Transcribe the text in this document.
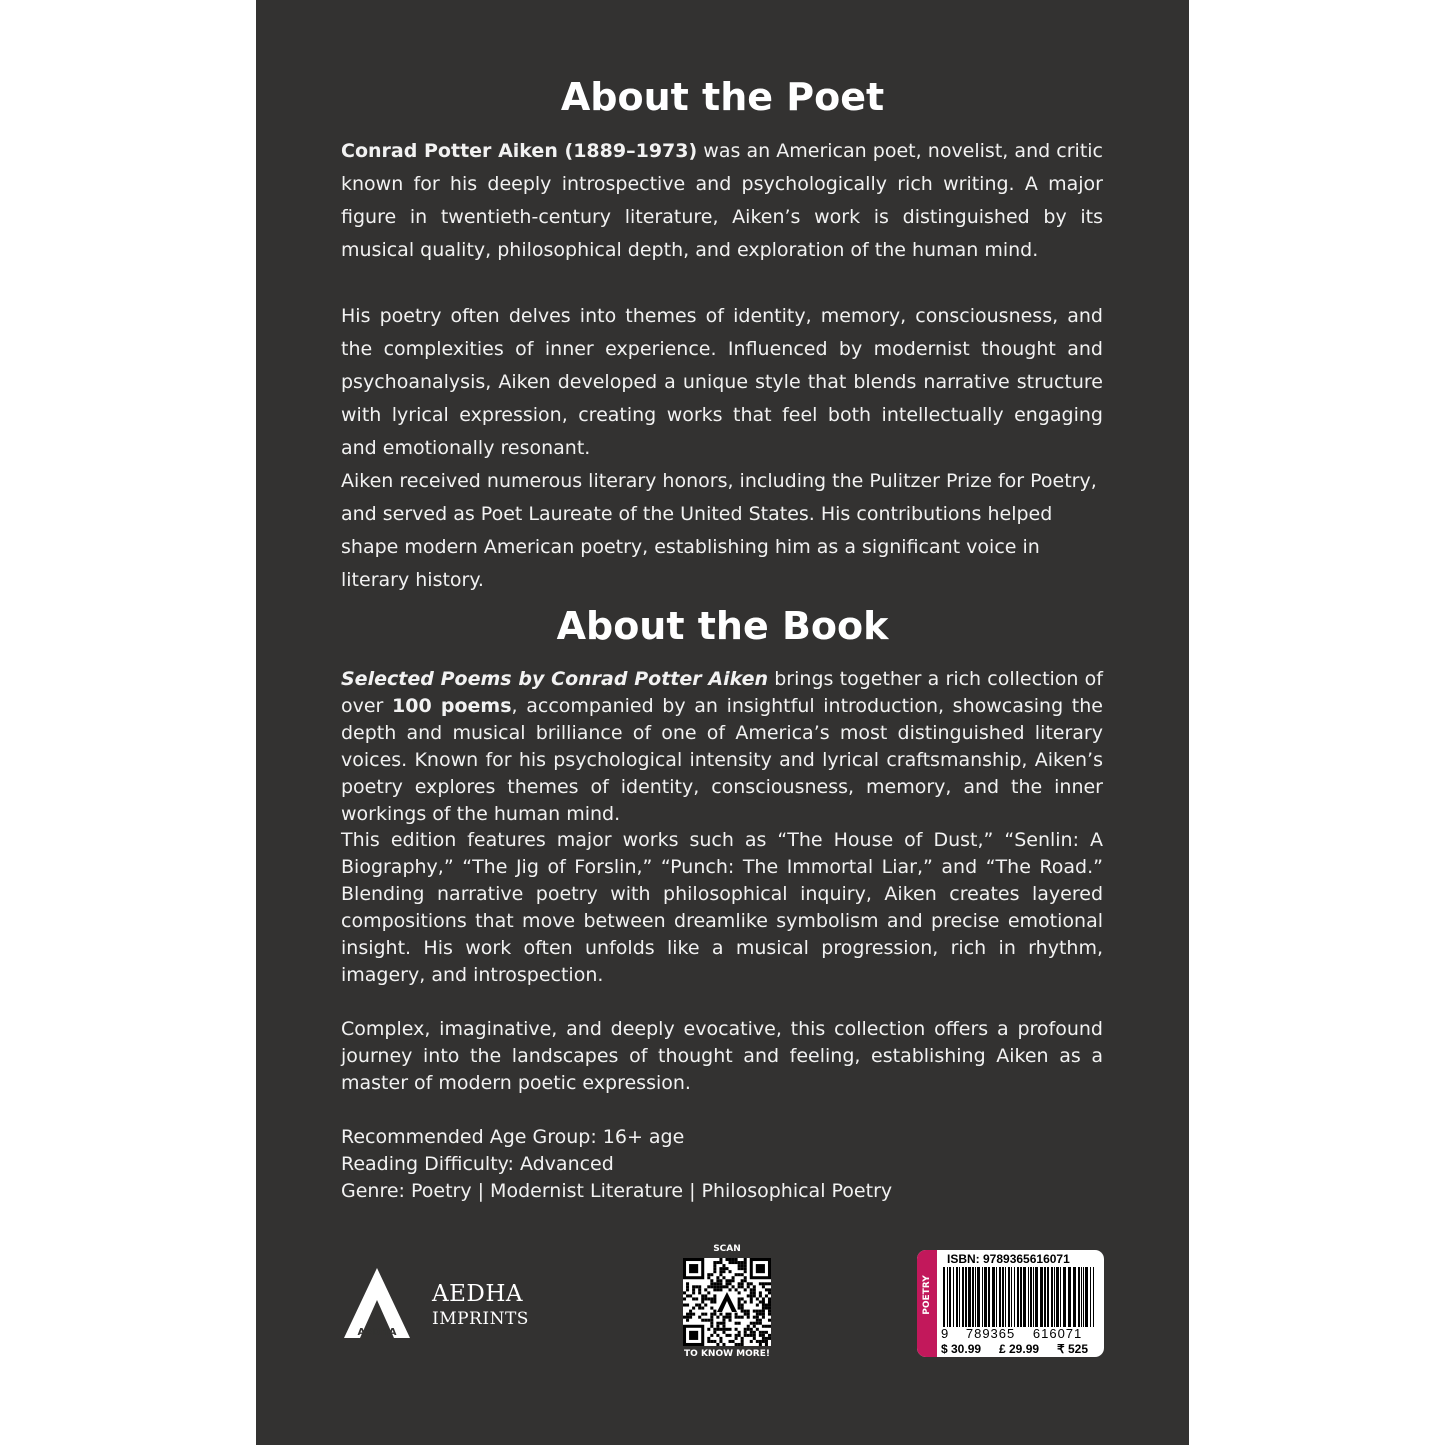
About the Poet

Conrad Potter Aiken (1889–1973) was an American poet, novelist, and critic known for his deeply introspective and psychologically rich writing. A major figure in twentieth-century literature, Aiken’s work is distinguished by its musical quality, philosophical depth, and exploration of the human mind.

His poetry often delves into themes of identity, memory, consciousness, and the complexities of inner experience. Influenced by modernist thought and psychoanalysis, Aiken developed a unique style that blends narrative structure with lyrical expression, creating works that feel both intellectually engaging and emotionally resonant.

Aiken received numerous literary honors, including the Pulitzer Prize for Poetry, and served as Poet Laureate of the United States. His contributions helped shape modern American poetry, establishing him as a significant voice in literary history.

About the Book

Selected Poems by Conrad Potter Aiken brings together a rich collection of over 100 poems, accompanied by an insightful introduction, showcasing the depth and musical brilliance of one of America’s most distinguished literary voices. Known for his psychological intensity and lyrical craftsmanship, Aiken’s poetry explores themes of identity, consciousness, memory, and the inner workings of the human mind.

This edition features major works such as “The House of Dust,” “Senlin: A Biography,” “The Jig of Forslin,” “Punch: The Immortal Liar,” and “The Road.” Blending narrative poetry with philosophical inquiry, Aiken creates layered compositions that move between dreamlike symbolism and precise emotional insight. His work often unfolds like a musical progression, rich in rhythm, imagery, and introspection.

Complex, imaginative, and deeply evocative, this collection offers a profound journey into the landscapes of thought and feeling, establishing Aiken as a master of modern poetic expression.

Recommended Age Group: 16+ age

Reading Difficulty: Advanced

Genre: Poetry | Modernist Literature | Philosophical Poetry

AEDHA
AEDHA
IMPRINTS
SCAN
TO KNOW MORE!
POETRY
ISBN: 9789365616071
9 789365 616071
$ 30.99 £ 29.99 ₹ 525
